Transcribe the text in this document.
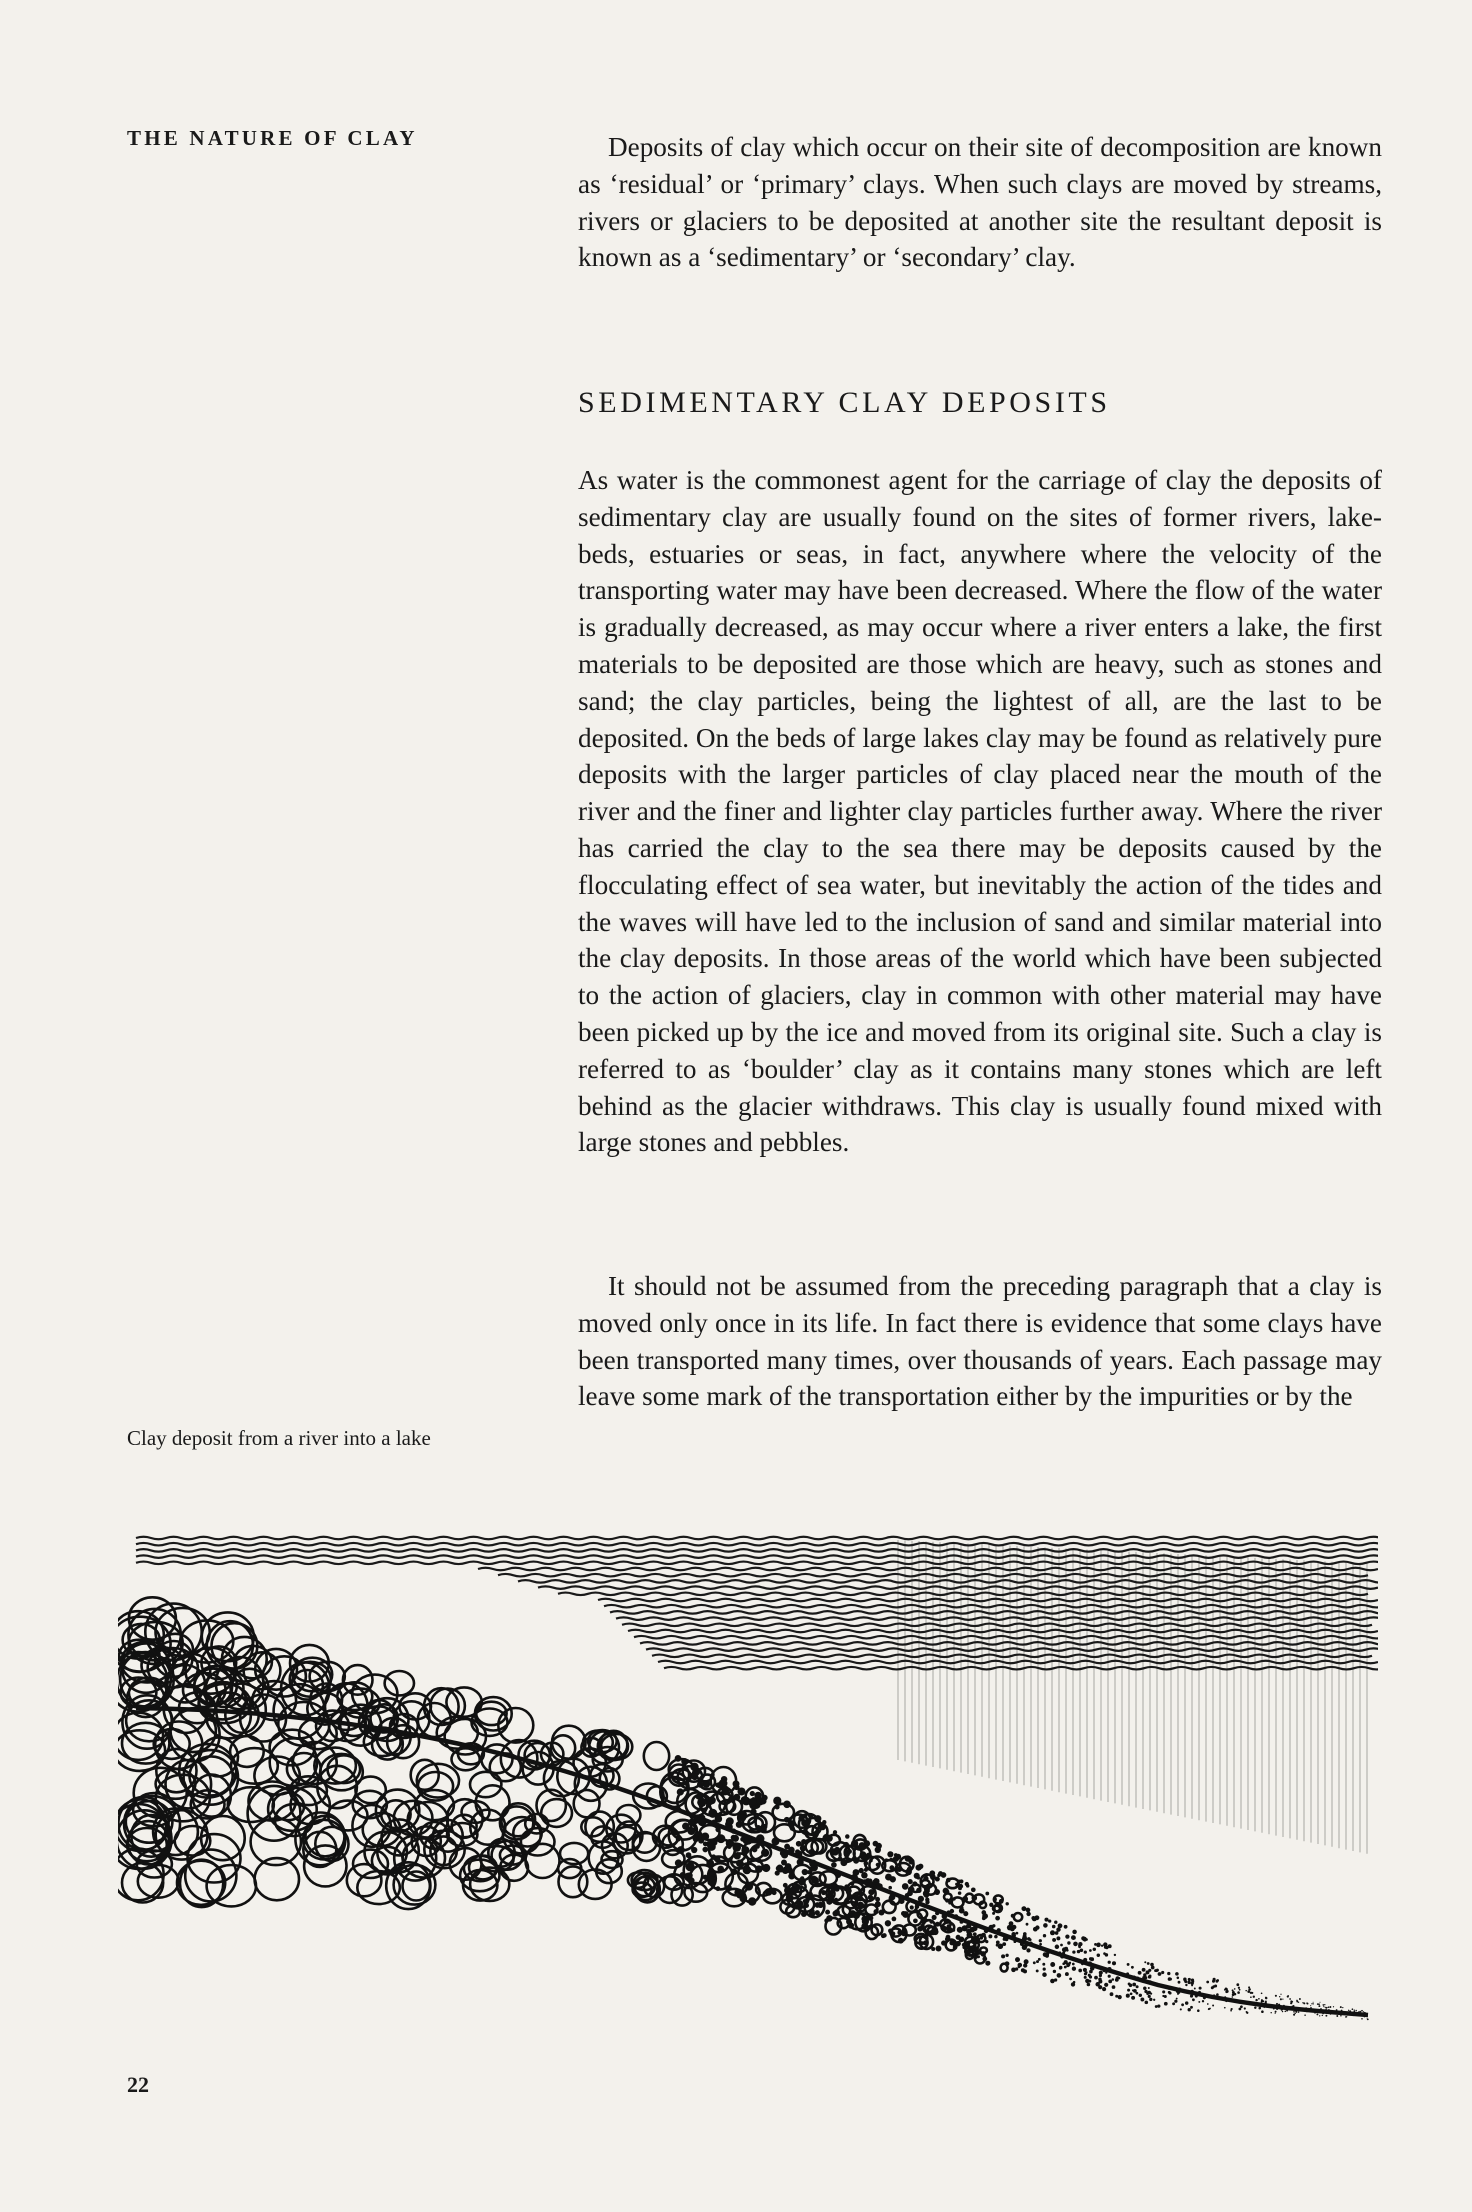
THE NATURE OF CLAY	Deposits of clay which occur on their site of decomposition are known as ‘residual’ or ‘primary’ clays. When such clays are moved by streams, rivers or glaciers to be deposited at another site the resultant deposit is known as a ‘sedimentary’ or ‘secondary’ clay.

SEDIMENTARY CLAY DEPOSITS

As water is the commonest agent for the carriage of clay the deposits of sedimentary clay are usually found on the sites of former rivers, lake-beds, estuaries or seas, in fact, anywhere where the velocity of the transporting water may have been decreased. Where the flow of the water is gradually decreased, as may occur where a river enters a lake, the first materials to be deposited are those which are heavy, such as stones and sand; the clay particles, being the lightest of all, are the last to be deposited. On the beds of large lakes clay may be found as relatively pure deposits with the larger particles of clay placed near the mouth of the river and the finer and lighter clay particles further away. Where the river has carried the clay to the sea there may be deposits caused by the flocculating effect of sea water, but inevitably the action of the tides and the waves will have led to the inclusion of sand and similar material into the clay deposits. In those areas of the world which have been subjected to the action of glaciers, clay in common with other material may have been picked up by the ice and moved from its original site. Such a clay is referred to as ‘boulder’ clay as it contains many stones which are left behind as the glacier withdraws. This clay is usually found mixed with large stones and pebbles.

It should not be assumed from the preceding paragraph that a clay is moved only once in its life. In fact there is evidence that some clays have been transported many times, over thousands of years. Each passage may leave some mark of the transportation either by the impurities or by the

Clay deposit from a river into a lake
22
